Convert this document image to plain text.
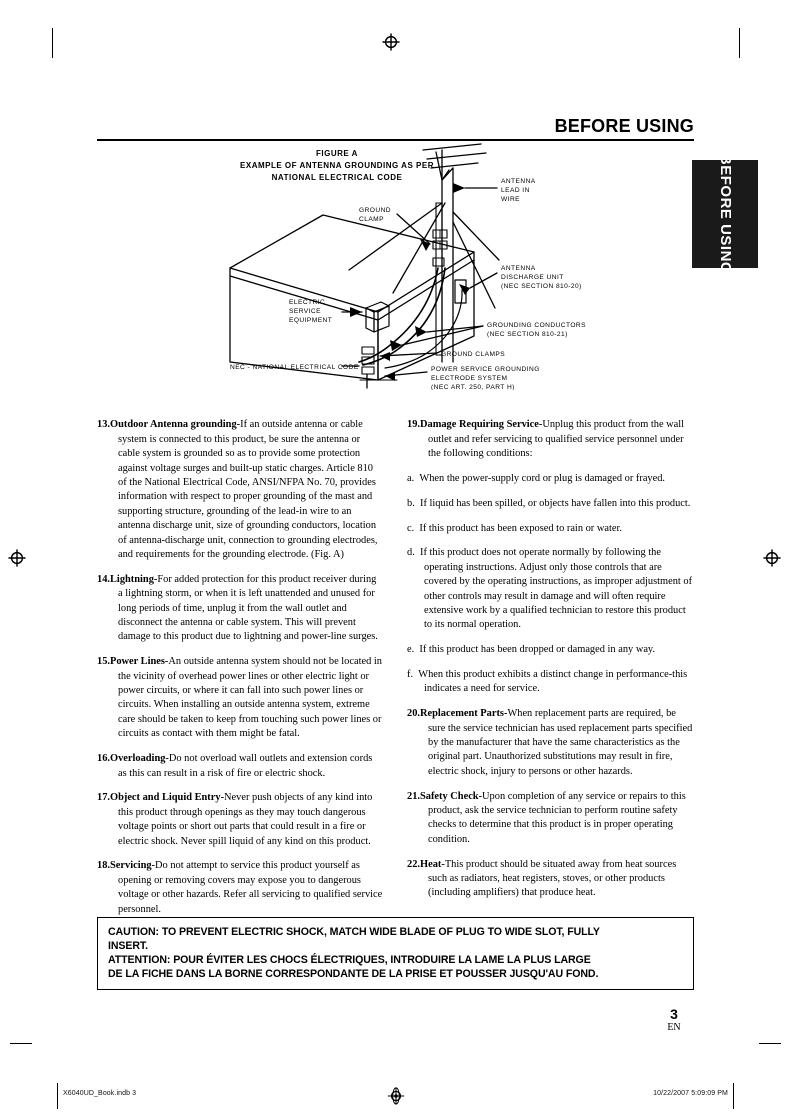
BEFORE USING
BEFORE USING
FIGURE A
EXAMPLE OF ANTENNA GROUNDING AS PER
NATIONAL ELECTRICAL CODE	ANTENNA
LEAD IN
WIRE
GROUND
CLAMP
ANTENNA
DISCHARGE UNIT
(NEC SECTION 810-20)
ELECTRIC
SERVICE
EQUIPMENT
GROUNDING CONDUCTORS
(NEC SECTION 810-21)
GROUND CLAMPS
POWER SERVICE GROUNDING
ELECTRODE SYSTEM
(NEC ART. 250, PART H)
NEC - NATIONAL ELECTRICAL CODE

13.Outdoor Antenna grounding-If an outside antenna or cable system is connected to this product, be sure the antenna or cable system is grounded so as to provide some protection against voltage surges and built-up static charges. Article 810 of the National Electrical Code, ANSI/NFPA No. 70, provides information with respect to proper grounding of the mast and supporting structure, grounding of the lead-in wire to an antenna discharge unit, size of grounding conductors, location of antenna-discharge unit, connection to grounding electrodes, and requirements for the grounding electrode. (Fig. A)

14.Lightning-For added protection for this product receiver during a lightning storm, or when it is left unattended and unused for long periods of time, unplug it from the wall outlet and disconnect the antenna or cable system. This will prevent damage to this product due to lightning and power-line surges.

15.Power Lines-An outside antenna system should not be located in the vicinity of overhead power lines or other electric light or power circuits, or where it can fall into such power lines or circuits. When installing an outside antenna system, extreme care should be taken to keep from touching such power lines or circuits as contact with them might be fatal.

16.Overloading-Do not overload wall outlets and extension cords as this can result in a risk of fire or electric shock.

17.Object and Liquid Entry-Never push objects of any kind into this product through openings as they may touch dangerous voltage points or short out parts that could result in a fire or electric shock. Never spill liquid of any kind on this product.

18.Servicing-Do not attempt to service this product yourself as opening or removing covers may expose you to dangerous voltage or other hazards. Refer all servicing to qualified service personnel.

19.Damage Requiring Service-Unplug this product from the wall outlet and refer servicing to qualified service personnel under the following conditions:

a.  When the power-supply cord or plug is damaged or frayed.

b.  If liquid has been spilled, or objects have fallen into this product.

c.  If this product has been exposed to rain or water.

d.  If this product does not operate normally by following the operating instructions. Adjust only those controls that are covered by the operating instructions, as improper adjustment of other controls may result in damage and will often require extensive work by a qualified technician to restore this product to its normal operation.

e.  If this product has been dropped or damaged in any way.

f.  When this product exhibits a distinct change in performance-this indicates a need for service.

20.Replacement Parts-When replacement parts are required, be sure the service technician has used replacement parts specified by the manufacturer that have the same characteristics as the original part. Unauthorized substitutions may result in fire, electric shock, injury to persons or other hazards.

21.Safety Check-Upon completion of any service or repairs to this product, ask the service technician to perform routine safety checks to determine that this product is in proper operating condition.

22.Heat-This product should be situated away from heat sources such as radiators, heat registers, stoves, or other products (including amplifiers) that produce heat.

CAUTION: TO PREVENT ELECTRIC SHOCK, MATCH WIDE BLADE OF PLUG TO WIDE SLOT, FULLY
INSERT.
ATTENTION: POUR ÉVITER LES CHOCS ÉLECTRIQUES, INTRODUIRE LA LAME LA PLUS LARGE
DE LA FICHE DANS LA BORNE CORRESPONDANTE DE LA PRISE ET POUSSER JUSQU'AU FOND.
3
EN
X6040UD_Book.indb 3	10/22/2007 5:09:09 PM
